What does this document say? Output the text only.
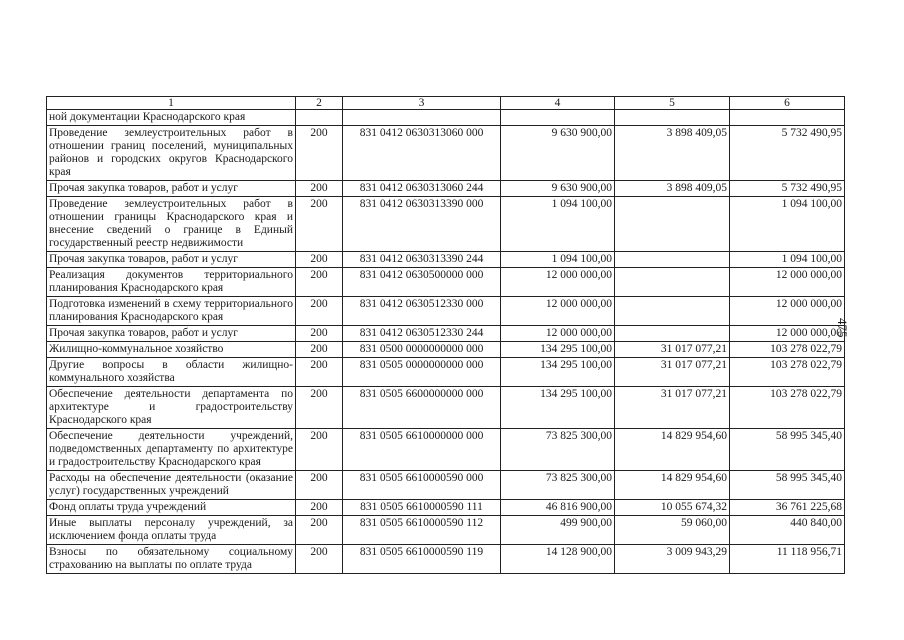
1	2	3	4	5	6
ной документации Краснодарского края					
Проведение землеустроительных работ в отношении границ поселений, муниципальных районов и городских округов Краснодарского края	200	831 0412 0630313060 000	9 630 900,00	3 898 409,05	5 732 490,95
Прочая закупка товаров, работ и услуг	200	831 0412 0630313060 244	9 630 900,00	3 898 409,05	5 732 490,95
Проведение землеустроительных работ в отношении границы Краснодарского края и внесение сведений о границе в Единый государственный реестр недвижимости	200	831 0412 0630313390 000	1 094 100,00		1 094 100,00
Прочая закупка товаров, работ и услуг	200	831 0412 0630313390 244	1 094 100,00		1 094 100,00
Реализация документов территориального планирования Краснодарского края	200	831 0412 0630500000 000	12 000 000,00		12 000 000,00
Подготовка изменений в схему территориального планирования Краснодарского края	200	831 0412 0630512330 000	12 000 000,00		12 000 000,00
Прочая закупка товаров, работ и услуг	200	831 0412 0630512330 244	12 000 000,00		12 000 000,00
Жилищно-коммунальное хозяйство	200	831 0500 0000000000 000	134 295 100,00	31 017 077,21	103 278 022,79
Другие вопросы в области жилищно-коммунального хозяйства	200	831 0505 0000000000 000	134 295 100,00	31 017 077,21	103 278 022,79
Обеспечение деятельности департамента по архитектуре и градостроительству Краснодарского края	200	831 0505 6600000000 000	134 295 100,00	31 017 077,21	103 278 022,79
Обеспечение деятельности учреждений, подведомственных департаменту по архитектуре и градостроительству Краснодарского края	200	831 0505 6610000000 000	73 825 300,00	14 829 954,60	58 995 345,40
Расходы на обеспечение деятельности (оказание услуг) государственных учреждений	200	831 0505 6610000590 000	73 825 300,00	14 829 954,60	58 995 345,40
Фонд оплаты труда учреждений	200	831 0505 6610000590 111	46 816 900,00	10 055 674,32	36 761 225,68
Иные выплаты персоналу учреждений, за исключением фонда оплаты труда	200	831 0505 6610000590 112	499 900,00	59 060,00	440 840,00
Взносы по обязательному социальному страхованию на выплаты по оплате труда	200	831 0505 6610000590 119	14 128 900,00	3 009 943,29	11 118 956,71
475
